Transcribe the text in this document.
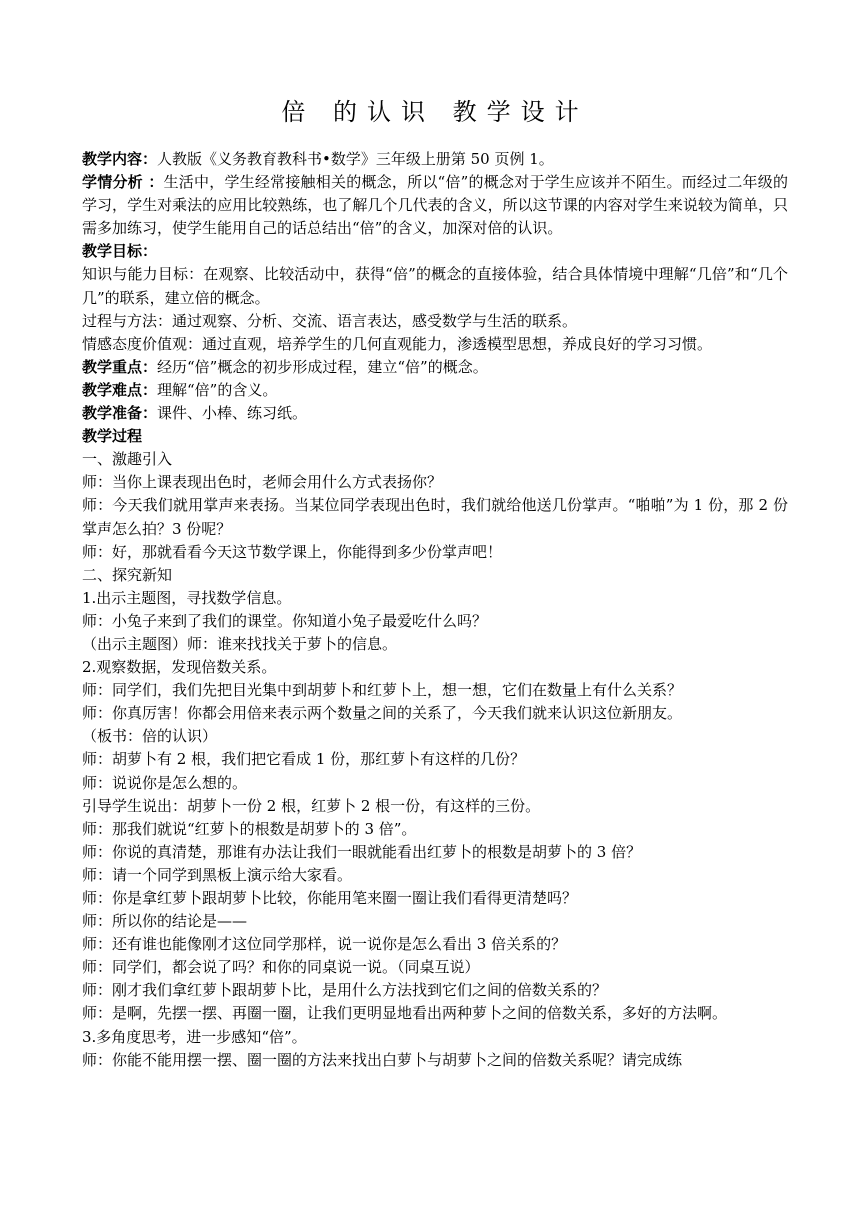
倍 的认识 教学设计

教学内容：人教版《义务教育教科书•数学》三年级上册第 50 页例 1。

学情分析 ：生活中，学生经常接触相关的概念，所以“倍”的概念对于学生应该并不陌生。而经过二年级的学习，学生对乘法的应用比较熟练，也了解几个几代表的含义，所以这节课的内容对学生来说较为简单，只需多加练习，使学生能用自己的话总结出“倍”的含义，加深对倍的认识。

教学目标：

知识与能力目标：在观察、比较活动中，获得“倍”的概念的直接体验，结合具体情境中理解“几倍”和“几个几”的联系，建立倍的概念。

过程与方法：通过观察、分析、交流、语言表达，感受数学与生活的联系。

情感态度价值观：通过直观，培养学生的几何直观能力，渗透模型思想，养成良好的学习习惯。

教学重点：经历“倍”概念的初步形成过程，建立“倍”的概念。

教学难点：理解“倍”的含义。

教学准备：课件、小棒、练习纸。

教学过程

一、激趣引入

师：当你上课表现出色时，老师会用什么方式表扬你？

师：今天我们就用掌声来表扬。当某位同学表现出色时，我们就给他送几份掌声。“啪啪”为 1 份，那 2 份掌声怎么拍？3 份呢？

师：好，那就看看今天这节数学课上，你能得到多少份掌声吧！

二、探究新知

1.出示主题图，寻找数学信息。

师：小兔子来到了我们的课堂。你知道小兔子最爱吃什么吗？

（出示主题图）师：谁来找找关于萝卜的信息。

2.观察数据，发现倍数关系。

师：同学们，我们先把目光集中到胡萝卜和红萝卜上，想一想，它们在数量上有什么关系？

师：你真厉害！你都会用倍来表示两个数量之间的关系了，今天我们就来认识这位新朋友。

（板书：倍的认识）

师：胡萝卜有 2 根，我们把它看成 1 份，那红萝卜有这样的几份？

师：说说你是怎么想的。

引导学生说出：胡萝卜一份 2 根，红萝卜 2 根一份，有这样的三份。

师：那我们就说“红萝卜的根数是胡萝卜的 3 倍”。

师：你说的真清楚，那谁有办法让我们一眼就能看出红萝卜的根数是胡萝卜的 3 倍？

师：请一个同学到黑板上演示给大家看。

师：你是拿红萝卜跟胡萝卜比较，你能用笔来圈一圈让我们看得更清楚吗？

师：所以你的结论是——

师：还有谁也能像刚才这位同学那样，说一说你是怎么看出 3 倍关系的？

师：同学们，都会说了吗？和你的同桌说一说。（同桌互说）

师：刚才我们拿红萝卜跟胡萝卜比，是用什么方法找到它们之间的倍数关系的？

师：是啊，先摆一摆、再圈一圈，让我们更明显地看出两种萝卜之间的倍数关系，多好的方法啊。

3.多角度思考，进一步感知“倍”。

师：你能不能用摆一摆、圈一圈的方法来找出白萝卜与胡萝卜之间的倍数关系呢？请完成练
